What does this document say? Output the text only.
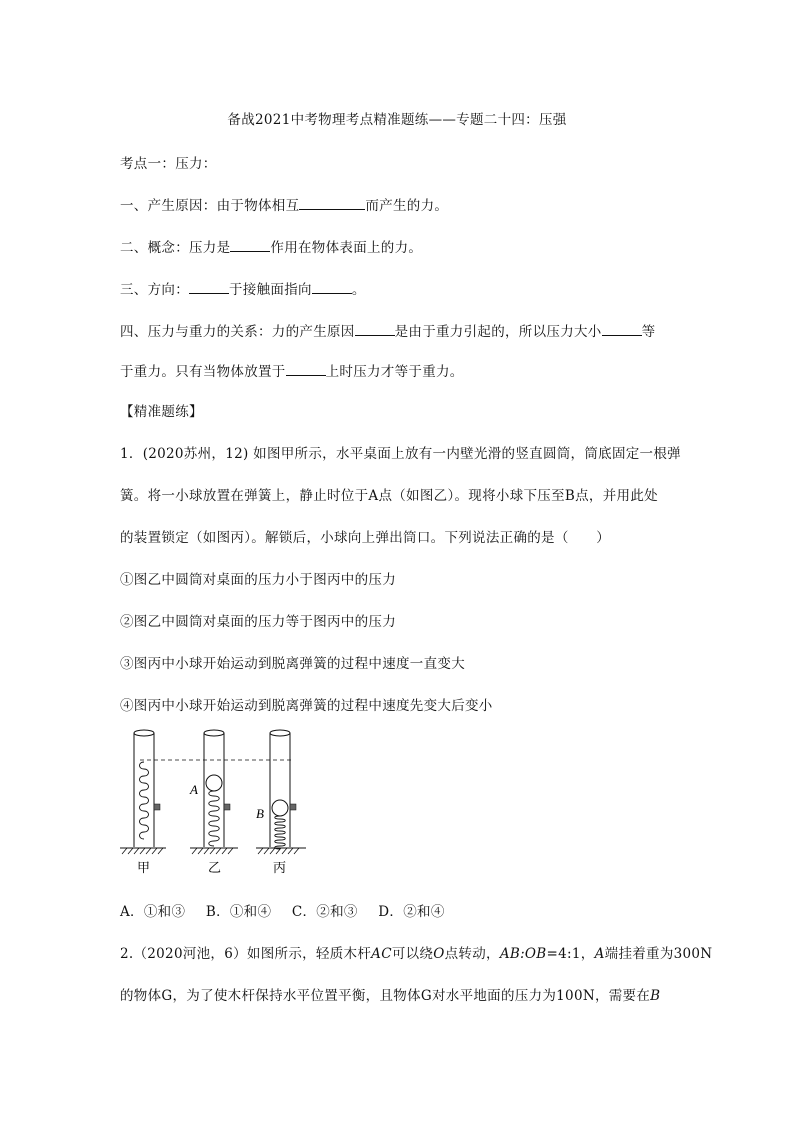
备战2021中考物理考点精准题练——专题二十四：压强
考点一：压力：
一、产生原因：由于物体相互	而产生的力。
二、概念：压力是	作用在物体表面上的力。
三、方向：	于接触面指向	。
四、压力与重力的关系：力的产生原因	是由于重力引起的，所以压力大小	等
于重力。只有当物体放置于	上时压力才等于重力。
【精准题练】
1．(2020苏州，12) 如图甲所示，水平桌面上放有一内壁光滑的竖直圆筒，筒底固定一根弹
簧。将一小球放置在弹簧上，静止时位于A点（如图乙）。现将小球下压至B点，并用此处
的装置锁定（如图丙）。解锁后，小球向上弹出筒口。下列说法正确的是（　　）
①图乙中圆筒对桌面的压力小于图丙中的压力
②图乙中圆筒对桌面的压力等于图丙中的压力
③图丙中小球开始运动到脱离弹簧的过程中速度一直变大
④图丙中小球开始运动到脱离弹簧的过程中速度先变大后变小
A
B
甲	乙	丙
A．①和③ B．①和④ C．②和③ D．②和④
2.（2020河池，6）如图所示，轻质木杆AC可以绕O点转动，AB:OB=4:1，A端挂着重为300N
的物体G，为了使木杆保持水平位置平衡，且物体G对水平地面的压力为100N，需要在B
